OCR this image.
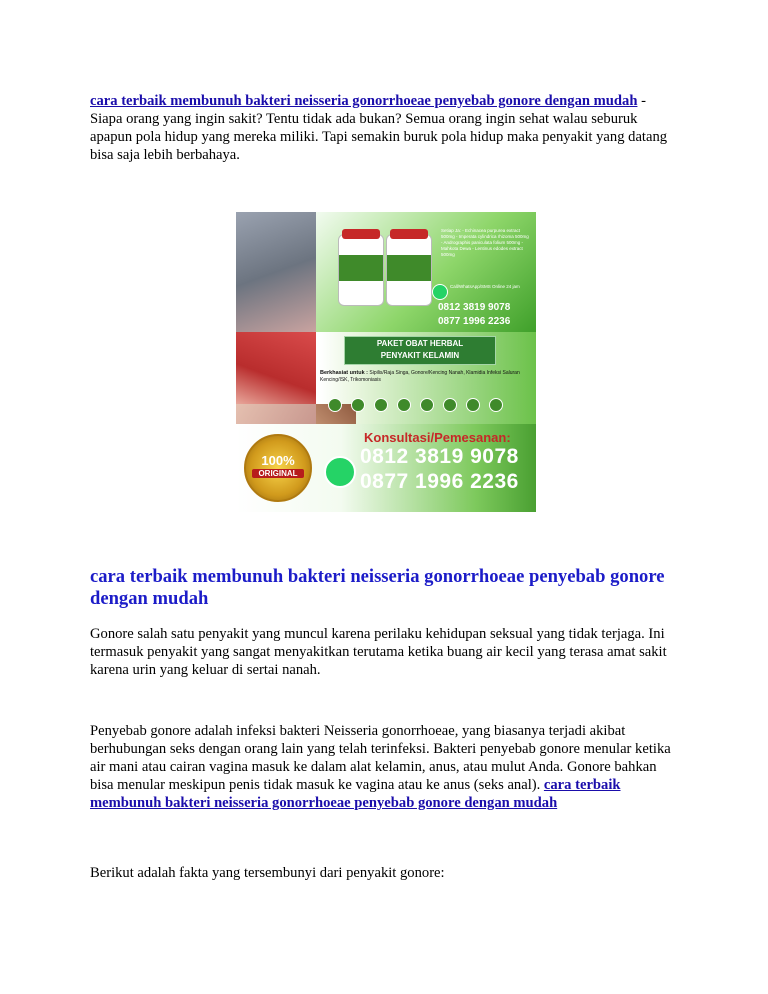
cara terbaik membunuh bakteri neisseria gonorrhoeae penyebab gonore dengan mudah - Siapa orang yang ingin sakit? Tentu tidak ada bukan? Semua orang ingin sehat walau seburuk apapun pola hidup yang mereka miliki. Tapi semakin buruk pola hidup maka penyakit yang datang bisa saja lebih berbahaya.

Setiap Ja: - Echinacea purpurea extract 500mg - Imperata cylindrica rhizoma 500mg - Andrographis paniculata folium 500mg - Mahkota Dewa - Lentinus edodes extract 500mg
Call/WhatsApp/SMS Online 24 jam
0812 3819 9078
0877 1996 2236
PAKET OBAT HERBAL
PENYAKIT KELAMIN
Berkhasiat untuk : Sipilis/Raja Singa, Gonore/Kencing Nanah, Klamidia Infeksi Saluran Kencing/ISK, Trikomoniasis
100%
ORIGINAL
Konsultasi/Pemesanan:
0812 3819 9078
0877 1996 2236
cara terbaik membunuh bakteri neisseria gonorrhoeae penyebab gonore dengan mudah

Gonore salah satu penyakit yang muncul karena perilaku kehidupan seksual yang tidak terjaga. Ini termasuk penyakit yang sangat menyakitkan terutama ketika buang air kecil yang terasa amat sakit karena urin yang keluar di sertai nanah.

Penyebab gonore adalah infeksi bakteri Neisseria gonorrhoeae, yang biasanya terjadi akibat berhubungan seks dengan orang lain yang telah terinfeksi. Bakteri penyebab gonore menular ketika air mani atau cairan vagina masuk ke dalam alat kelamin, anus, atau mulut Anda. Gonore bahkan bisa menular meskipun penis tidak masuk ke vagina atau ke anus (seks anal). cara terbaik membunuh bakteri neisseria gonorrhoeae penyebab gonore dengan mudah

Berikut adalah fakta yang tersembunyi dari penyakit gonore:
